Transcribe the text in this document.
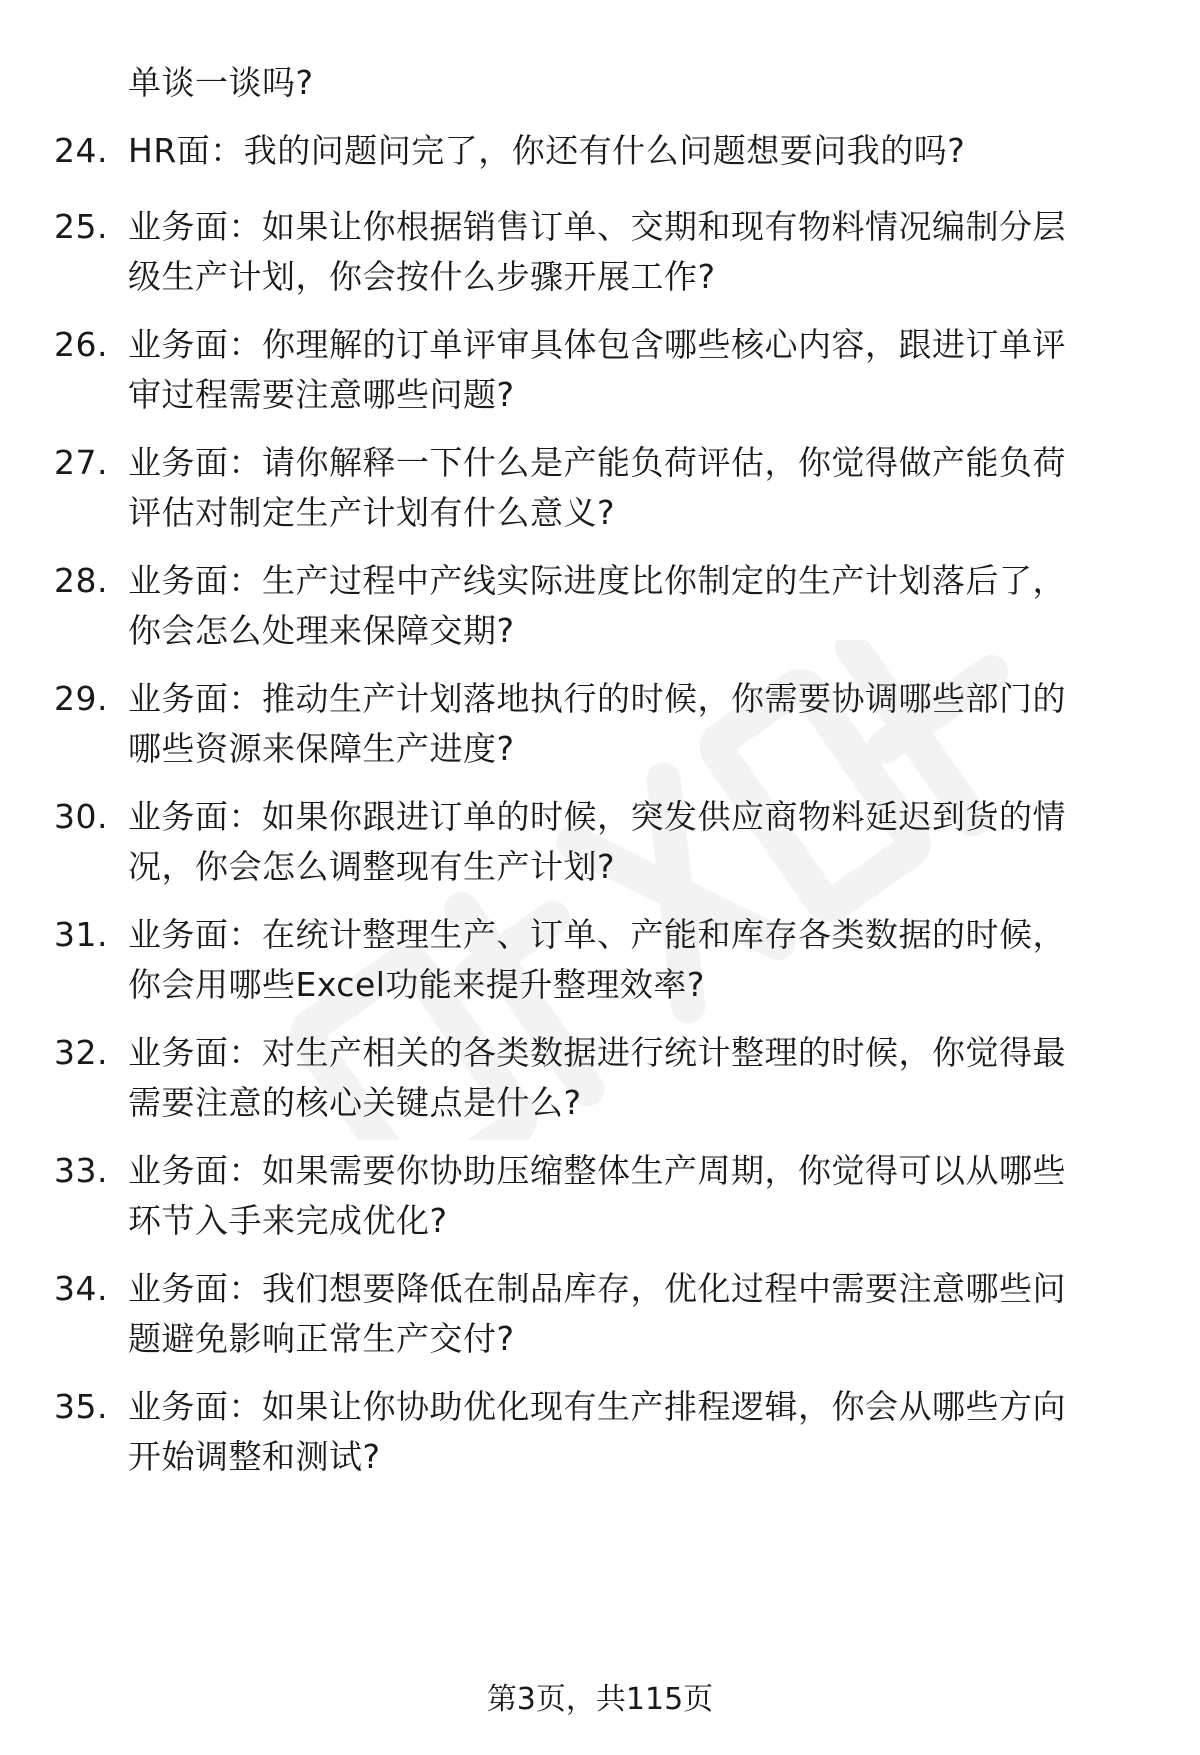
单谈一谈吗?
24. HR面：我的问题问完了，你还有什么问题想要问我的吗?
25. 业务面：如果让你根据销售订单、交期和现有物料情况编制分层
级生产计划，你会按什么步骤开展工作?
26. 业务面：你理解的订单评审具体包含哪些核心内容，跟进订单评
审过程需要注意哪些问题?
27. 业务面：请你解释一下什么是产能负荷评估，你觉得做产能负荷
评估对制定生产计划有什么意义?
28. 业务面：生产过程中产线实际进度比你制定的生产计划落后了，
你会怎么处理来保障交期?
29. 业务面：推动生产计划落地执行的时候，你需要协调哪些部门的
哪些资源来保障生产进度?
30. 业务面：如果你跟进订单的时候，突发供应商物料延迟到货的情
况，你会怎么调整现有生产计划?
31. 业务面：在统计整理生产、订单、产能和库存各类数据的时候，
你会用哪些Excel功能来提升整理效率?
32. 业务面：对生产相关的各类数据进行统计整理的时候，你觉得最
需要注意的核心关键点是什么?
33. 业务面：如果需要你协助压缩整体生产周期，你觉得可以从哪些
环节入手来完成优化?
34. 业务面：我们想要降低在制品库存，优化过程中需要注意哪些问
题避免影响正常生产交付?
35. 业务面：如果让你协助优化现有生产排程逻辑，你会从哪些方向
开始调整和测试?
第3页，共115页
